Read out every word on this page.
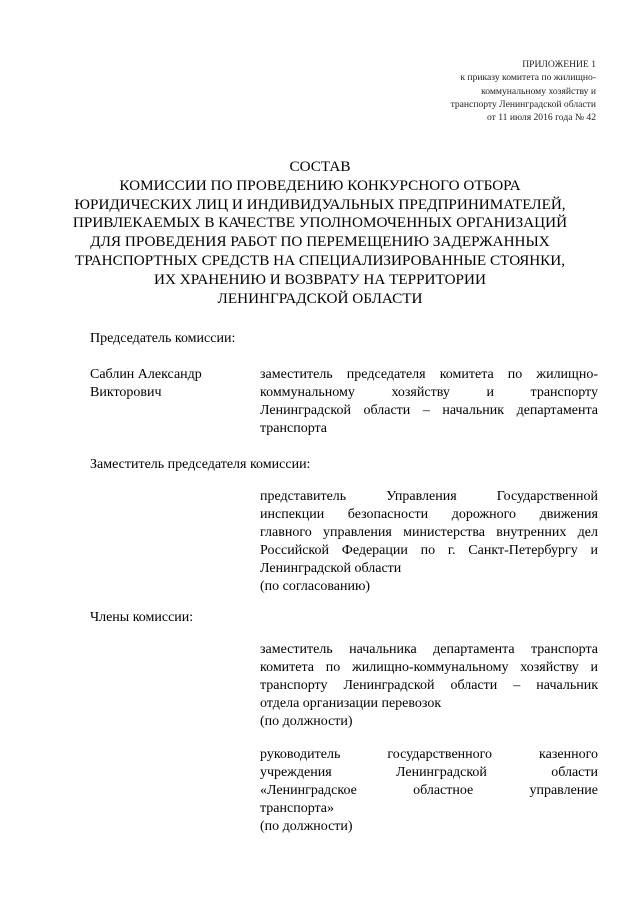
ПРИЛОЖЕНИЕ 1
к приказу комитета по жилищно-
коммунальному хозяйству и
транспорту Ленинградской области
от 11 июля 2016 года № 42
СОСТАВ
КОМИССИИ ПО ПРОВЕДЕНИЮ КОНКУРСНОГО ОТБОРА
ЮРИДИЧЕСКИХ ЛИЦ И ИНДИВИДУАЛЬНЫХ ПРЕДПРИНИМАТЕЛЕЙ,
ПРИВЛЕКАЕМЫХ В КАЧЕСТВЕ УПОЛНОМОЧЕННЫХ ОРГАНИЗАЦИЙ
ДЛЯ ПРОВЕДЕНИЯ РАБОТ ПО ПЕРЕМЕЩЕНИЮ ЗАДЕРЖАННЫХ
ТРАНСПОРТНЫХ СРЕДСТВ НА СПЕЦИАЛИЗИРОВАННЫЕ СТОЯНКИ,
ИХ ХРАНЕНИЮ И ВОЗВРАТУ НА ТЕРРИТОРИИ
ЛЕНИНГРАДСКОЙ ОБЛАСТИ
Председатель комиссии:
Саблин Александр
Викторович
заместитель председателя комитета по жилищно-
коммунальному хозяйству и транспорту
Ленинградской области – начальник департамента
транспорта
Заместитель председателя комиссии:
представитель Управления Государственной
инспекции безопасности дорожного движения
главного управления министерства внутренних дел
Российской Федерации по г. Санкт-Петербургу и
Ленинградской области
(по согласованию)
Члены комиссии:
заместитель начальника департамента транспорта
комитета по жилищно-коммунальному хозяйству и
транспорту Ленинградской области – начальник
отдела организации перевозок
(по должности)
руководитель государственного казенного
учреждения Ленинградской области
«Ленинградское областное управление
транспорта»
(по должности)
